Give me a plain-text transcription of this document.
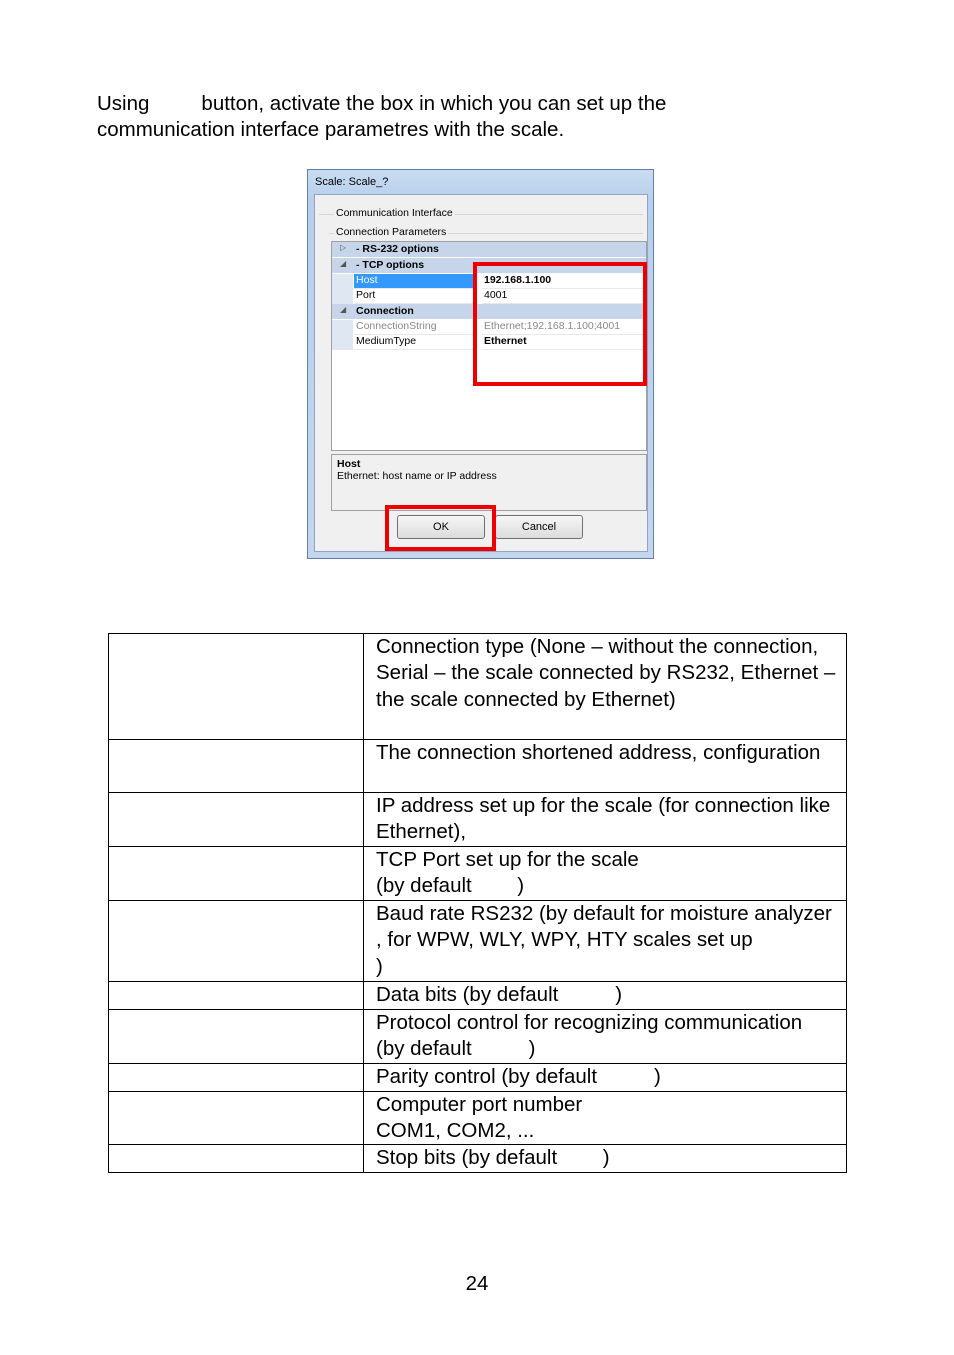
Using	button, activate the box in which you can set up the
communication interface parametres with the scale.
Scale: Scale_?
Communication Interface
Connection Parameters
▷ - RS-232 options
◢ - TCP options
Host	192.168.1.100
Port	4001
◢ Connection
ConnectionString	Ethernet;192.168.1.100;4001
MediumType	Ethernet
Host
Ethernet: host name or IP address
OK	Cancel
	Connection type (None – without the connection, Serial – the scale connected by RS232, Ethernet – the scale connected by Ethernet)
	The connection shortened address, configuration
	IP address set up for the scale (for connection like Ethernet),
	TCP Port set up for the scale
(by default        )
	Baud rate RS232 (by default for moisture analyzer                , for WPW, WLY, WPY, HTY scales set up                    )
	Data bits (by default          )
	Protocol control for recognizing communication (by default          )
	Parity control (by default          )
	Computer port number
COM1, COM2, ...
	Stop bits (by default        )
24
